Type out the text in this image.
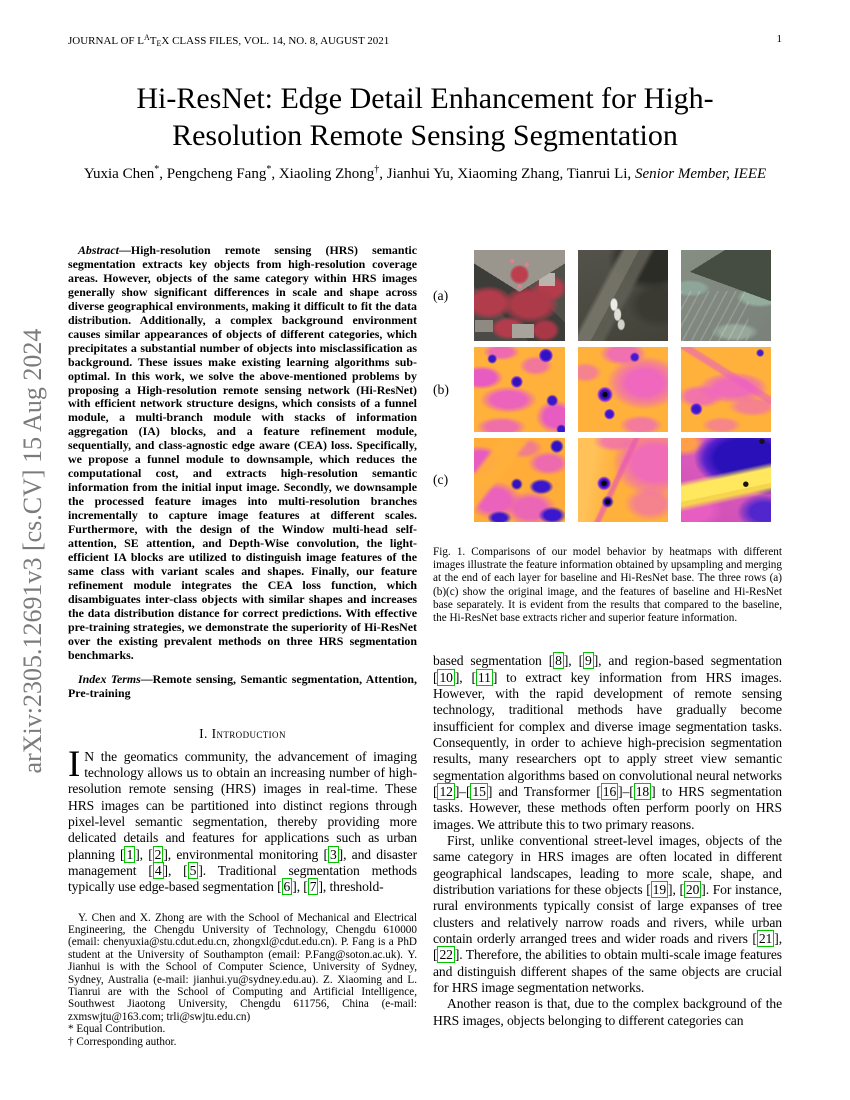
JOURNAL OF $L^AT_EX$ CLASS FILES, VOL. 14, NO. 8, AUGUST 2021	1
arXiv:2305.12691v3 [cs.CV] 15 Aug 2024
Hi-ResNet: Edge Detail Enhancement for High-Resolution Remote Sensing Segmentation
Yuxia Chen*, Pengcheng Fang*, Xiaoling Zhong†, Jianhui Yu, Xiaoming Zhang, Tianrui Li, Senior Member, IEEE

Abstract—High-resolution remote sensing (HRS) semantic segmentation extracts key objects from high-resolution coverage areas. However, objects of the same category within HRS images generally show significant differences in scale and shape across diverse geographical environments, making it difficult to fit the data distribution. Additionally, a complex background environment causes similar appearances of objects of different categories, which precipitates a substantial number of objects into misclassification as background. These issues make existing learning algorithms sub-optimal. In this work, we solve the above-mentioned problems by proposing a High-resolution remote sensing network (Hi-ResNet) with efficient network structure designs, which consists of a funnel module, a multi-branch module with stacks of information aggregation (IA) blocks, and a feature refinement module, sequentially, and class-agnostic edge aware (CEA) loss. Specifically, we propose a funnel module to downsample, which reduces the computational cost, and extracts high-resolution semantic information from the initial input image. Secondly, we downsample the processed feature images into multi-resolution branches incrementally to capture image features at different scales. Furthermore, with the design of the Window multi-head self-attention, SE attention, and Depth-Wise convolution, the light-efficient IA blocks are utilized to distinguish image features of the same class with variant scales and shapes. Finally, our feature refinement module integrates the CEA loss function, which disambiguates inter-class objects with similar shapes and increases the data distribution distance for correct predictions. With effective pre-training strategies, we demonstrate the superiority of Hi-ResNet over the existing prevalent methods on three HRS segmentation benchmarks.

Index Terms—Remote sensing, Semantic segmentation, Attention, Pre-training

I. Introduction

I N the geomatics community, the advancement of imaging technology allows us to obtain an increasing number of high-resolution remote sensing (HRS) images in real-time. These HRS images can be partitioned into distinct regions through pixel-level semantic segmentation, thereby providing more delicated details and features for applications such as urban planning [ 1 ], [ 2 ], environmental monitoring [ 3 ], and disaster management [ 4 ], [ 5 ]. Traditional segmentation methods typically use edge-based segmentation [ 6 ], [ 7 ], threshold-

Y. Chen and X. Zhong are with the School of Mechanical and Electrical Engineering, the Chengdu University of Technology, Chengdu 610000 (email: chenyuxia@stu.cdut.edu.cn, zhongxl@cdut.edu.cn). P. Fang is a PhD student at the University of Southampton (email: P.Fang@soton.ac.uk). Y. Jianhui is with the School of Computer Science, University of Sydney, Sydney, Australia (e-mail: jianhui.yu@sydney.edu.au). Z. Xiaoming and L. Tianrui are with the School of Computing and Artificial Intelligence, Southwest Jiaotong University, Chengdu 611756, China (e-mail: zxmswjtu@163.com; trli@swjtu.edu.cn)

* Equal Contribution.

† Corresponding author.

(a)
(b)
(c)

Fig. 1. Comparisons of our model behavior by heatmaps with different images illustrate the feature information obtained by upsampling and merging at the end of each layer for baseline and Hi-ResNet base. The three rows (a)(b)(c) show the original image, and the features of baseline and Hi-ResNet base separately. It is evident from the results that compared to the baseline, the Hi-ResNet base extracts richer and superior feature information.

based segmentation [ 8 ], [ 9 ], and region-based segmentation [ 10 ], [ 11 ] to extract key information from HRS images. However, with the rapid development of remote sensing technology, traditional methods have gradually become insufficient for complex and diverse image segmentation tasks. Consequently, in order to achieve high-precision segmentation results, many researchers opt to apply street view semantic segmentation algorithms based on convolutional neural networks [ 12 ]–[ 15 ] and Transformer [ 16 ]–[ 18 ] to HRS segmentation tasks. However, these methods often perform poorly on HRS images. We attribute this to two primary reasons.

First, unlike conventional street-level images, objects of the same category in HRS images are often located in different geographical landscapes, leading to more scale, shape, and distribution variations for these objects [ 19 ], [ 20 ]. For instance, rural environments typically consist of large expanses of tree clusters and relatively narrow roads and rivers, while urban contain orderly arranged trees and wider roads and rivers [ 21 ], [ 22 ]. Therefore, the abilities to obtain multi-scale image features and distinguish different shapes of the same objects are crucial for HRS image segmentation networks.

Another reason is that, due to the complex background of the HRS images, objects belonging to different categories can
